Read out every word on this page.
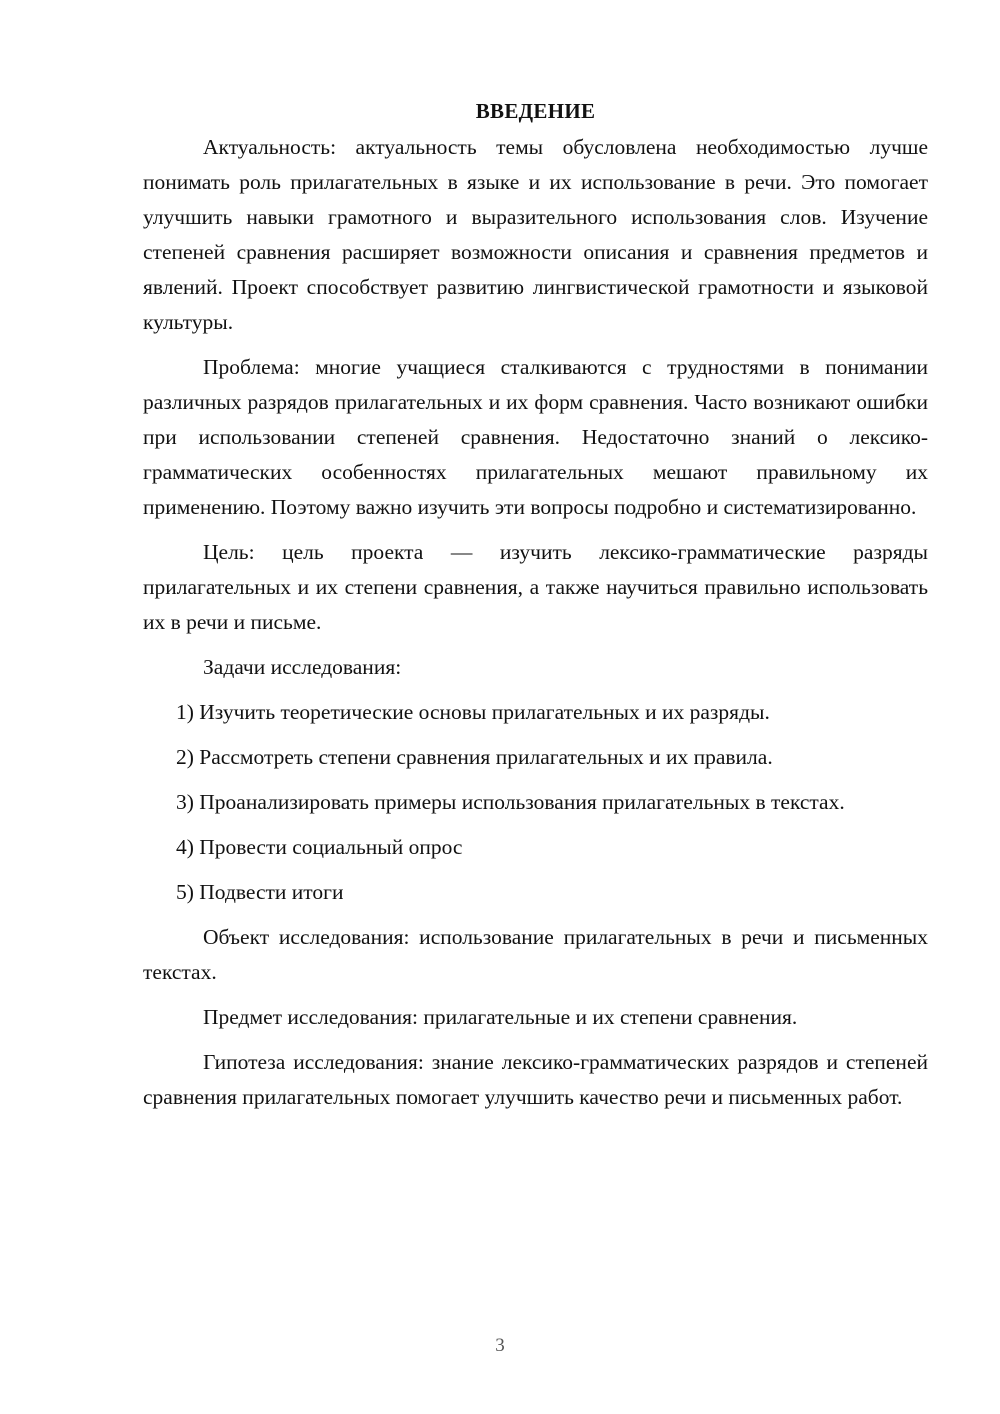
ВВЕДЕНИЕ

Актуальность: актуальность темы обусловлена необходимостью лучше понимать роль прилагательных в языке и их использование в речи. Это помогает улучшить навыки грамотного и выразительного использования слов. Изучение степеней сравнения расширяет возможности описания и сравнения предметов и явлений. Проект способствует развитию лингвистической грамотности и языковой культуры.

Проблема: многие учащиеся сталкиваются с трудностями в понимании различных разрядов прилагательных и их форм сравнения. Часто возникают ошибки при использовании степеней сравнения. Недостаточно знаний о лексико-грамматических особенностях прилагательных мешают правильному их применению. Поэтому важно изучить эти вопросы подробно и систематизированно.

Цель: цель проекта — изучить лексико-грамматические разряды прилагательных и их степени сравнения, а также научиться правильно использовать их в речи и письме.

Задачи исследования:

1) Изучить теоретические основы прилагательных и их разряды.

2) Рассмотреть степени сравнения прилагательных и их правила.

3) Проанализировать примеры использования прилагательных в текстах.

4) Провести социальный опрос

5) Подвести итоги

Объект исследования: использование прилагательных в речи и письменных текстах.

Предмет исследования: прилагательные и их степени сравнения.

Гипотеза исследования: знание лексико-грамматических разрядов и степеней сравнения прилагательных помогает улучшить качество речи и письменных работ.

3
